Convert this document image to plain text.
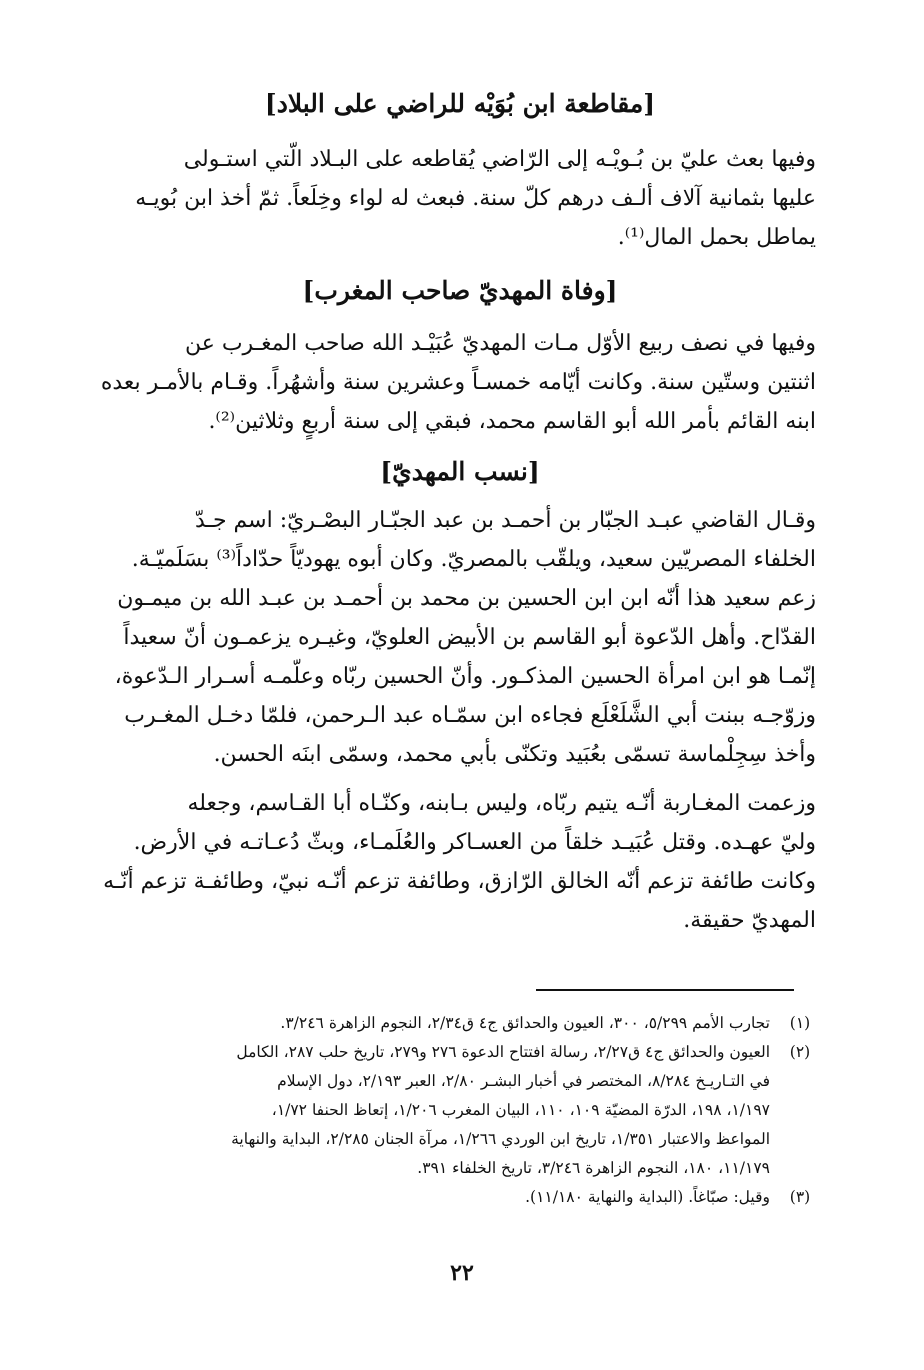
[مقاطعة ابن بُوَيْه للراضي على البلاد]
وفيها بعث عليّ بن بُـويْـه إلى الرّاضي يُقاطعه على البـلاد الّتي استـولى
عليها بثمانية آلاف ألـف درهم كلّ سنة. فبعث له لواء وخِلَعاً. ثمّ أخذ ابن بُويـه
يماطل بحمل المال⁽¹⁾.
[وفاة المهديّ صاحب المغرب]
وفيها في نصف ربيع الأوّل مـات المهديّ عُبَيْـد الله صاحب المغـرب عن
اثنتين وستّين سنة. وكانت أيّامه خمسـاً وعشرين سنة وأشهُراً. وقـام بالأمـر بعده
ابنه القائم بأمر الله أبو القاسم محمد، فبقي إلى سنة أربعٍ وثلاثين⁽²⁾.
[نسب المهديّ]
وقـال القاضي عبـد الجبّار بن أحمـد بن عبد الجبّـار البصْـريّ: اسم جـدّ
الخلفاء المصريّين سعيد، ويلقّب بالمصريّ. وكان أبوه يهوديّاً حدّاداً⁽³⁾ بسَلَميّـة.
زعم سعيد هذا أنّه ابن ابن الحسين بن محمد بن أحمـد بن عبـد الله بن ميمـون
القدّاح. وأهل الدّعوة أبو القاسم بن الأبيض العلويّ، وغيـره يزعمـون أنّ سعيداً
إنّمـا هو ابن امرأة الحسين المذكـور. وأنّ الحسين ربّاه وعلّمـه أسـرار الـدّعوة،
وزوّجـه ببنت أبي الشَّلَعْلَع فجاءه ابن سمّـاه عبد الـرحمن، فلمّا دخـل المغـرب
وأخذ سِجِلْماسة تسمّى بعُبَيد وتكنّى بأبي محمد، وسمّى ابنَه الحسن.
وزعمت المغـاربة أنّـه يتيم ربّاه، وليس بـابنه، وكنّـاه أبا القـاسم، وجعله
وليّ عهـده. وقتل عُبَيـد خلقاً من العسـاكر والعُلَمـاء، وبثّ دُعـاتـه في الأرض.
وكانت طائفة تزعم أنّه الخالق الرّازق، وطائفة تزعم أنّـه نبيّ، وطائفـة تزعم أنّـه
المهديّ حقيقة.
(١)
تجارب الأمم ٥/٢٩٩، ٣٠٠، العيون والحدائق ج٤ ق٢/٣٤، النجوم الزاهرة ٣/٢٤٦.
(٢)
العيون والحدائق ج٤ ق٢/٢٧، رسالة افتتاح الدعوة ٢٧٦ و٢٧٩، تاريخ حلب ٢٨٧، الكامل
في التـاريـخ ٨/٢٨٤، المختصر في أخبار البشـر ٢/٨٠، العبر ٢/١٩٣، دول الإسلام
١/١٩٧، ١٩٨، الدرّة المضيّة ١٠٩، ١١٠، البيان المغرب ١/٢٠٦، إتعاظ الحنفا ١/٧٢،
المواعظ والاعتبار ١/٣٥١، تاريخ ابن الوردي ١/٢٦٦، مرآة الجنان ٢/٢٨٥، البداية والنهاية
١١/١٧٩، ١٨٠، النجوم الزاهرة ٣/٢٤٦، تاريخ الخلفاء ٣٩١.
(٣)
وقيل: صبّاغاً. (البداية والنهاية ١١/١٨٠).
٢٢
